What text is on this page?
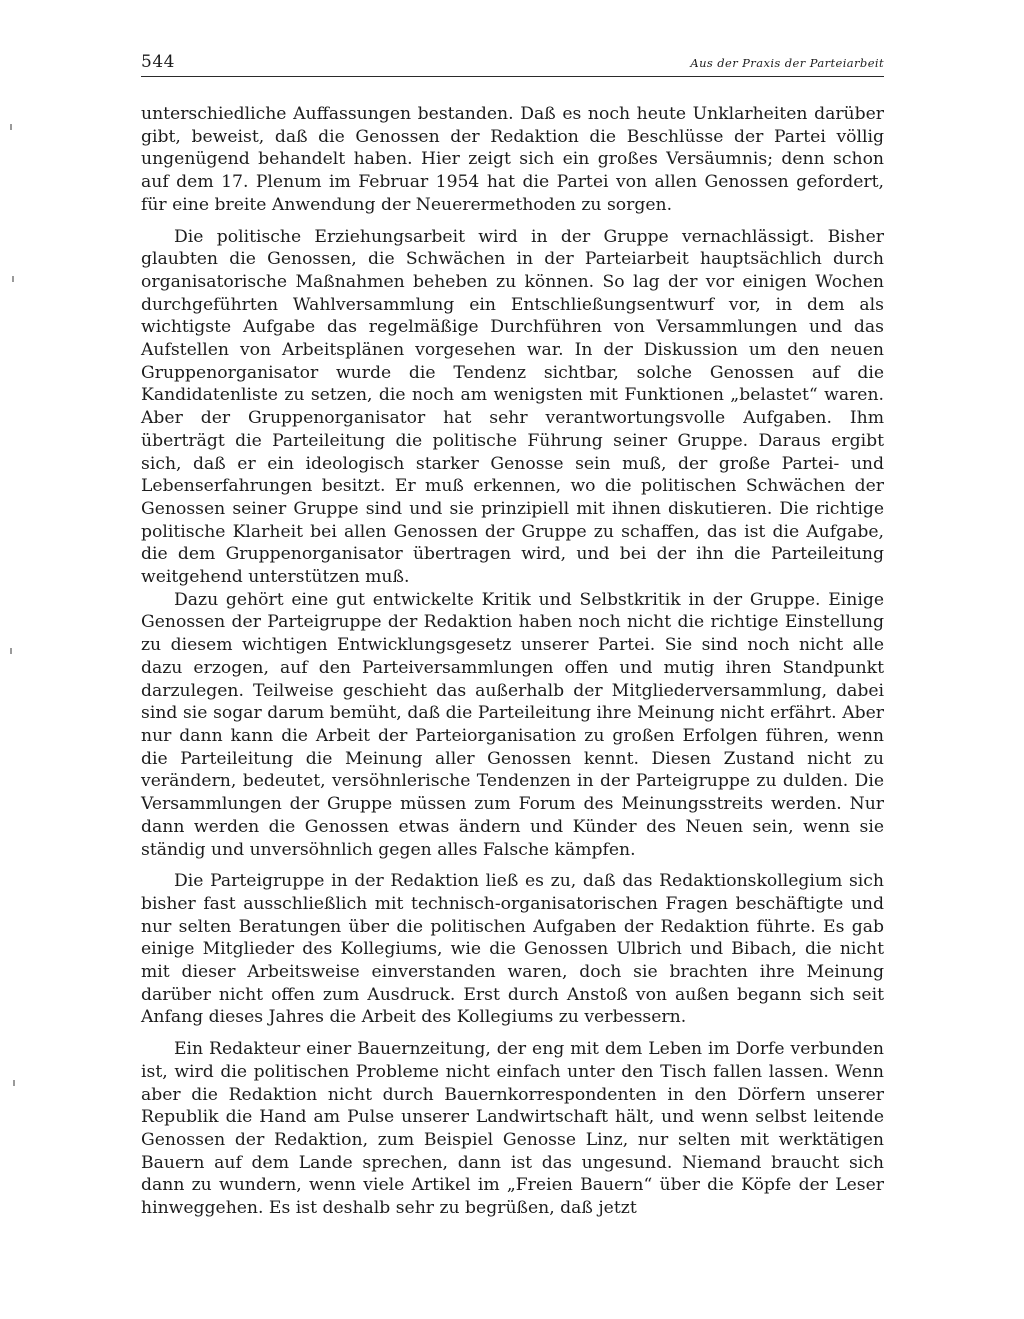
544	Aus der Praxis der Parteiarbeit

unterschiedliche Auffassungen bestanden. Daß es noch heute Unklarheiten darüber gibt, beweist, daß die Genossen der Redaktion die Beschlüsse der Partei völlig ungenügend behandelt haben. Hier zeigt sich ein großes Versäumnis; denn schon auf dem 17. Plenum im Februar 1954 hat die Partei von allen Genossen gefordert, für eine breite Anwendung der Neuerermethoden zu sorgen.

Die politische Erziehungsarbeit wird in der Gruppe vernachlässigt. Bisher glaubten die Genossen, die Schwächen in der Parteiarbeit hauptsächlich durch organisatorische Maßnahmen beheben zu können. So lag der vor einigen Wochen durchgeführten Wahlversammlung ein Entschließungsentwurf vor, in dem als wichtigste Aufgabe das regelmäßige Durchführen von Versammlungen und das Aufstellen von Arbeitsplänen vorgesehen war. In der Diskussion um den neuen Gruppenorganisator wurde die Tendenz sichtbar, solche Genossen auf die Kandidatenliste zu setzen, die noch am wenigsten mit Funktionen „belastet“ waren. Aber der Gruppenorganisator hat sehr verantwortungsvolle Aufgaben. Ihm überträgt die Parteileitung die politische Führung seiner Gruppe. Daraus ergibt sich, daß er ein ideologisch starker Genosse sein muß, der große Partei- und Lebenserfahrungen besitzt. Er muß erkennen, wo die politischen Schwächen der Genossen seiner Gruppe sind und sie prinzipiell mit ihnen diskutieren. Die richtige politische Klarheit bei allen Genossen der Gruppe zu schaffen, das ist die Aufgabe, die dem Gruppenorganisator übertragen wird, und bei der ihn die Parteileitung weitgehend unterstützen muß.

Dazu gehört eine gut entwickelte Kritik und Selbstkritik in der Gruppe. Einige Genossen der Parteigruppe der Redaktion haben noch nicht die richtige Einstellung zu diesem wichtigen Entwicklungsgesetz unserer Partei. Sie sind noch nicht alle dazu erzogen, auf den Parteiversammlungen offen und mutig ihren Standpunkt darzulegen. Teilweise geschieht das außerhalb der Mitgliederversammlung, dabei sind sie sogar darum bemüht, daß die Parteileitung ihre Meinung nicht erfährt. Aber nur dann kann die Arbeit der Parteiorganisation zu großen Erfolgen führen, wenn die Parteileitung die Meinung aller Genossen kennt. Diesen Zustand nicht zu verändern, bedeutet, versöhnlerische Tendenzen in der Parteigruppe zu dulden. Die Versammlungen der Gruppe müssen zum Forum des Meinungsstreits werden. Nur dann werden die Genossen etwas ändern und Künder des Neuen sein, wenn sie ständig und unversöhnlich gegen alles Falsche kämpfen.

Die Parteigruppe in der Redaktion ließ es zu, daß das Redaktionskollegium sich bisher fast ausschließlich mit technisch-organisatorischen Fragen beschäftigte und nur selten Beratungen über die politischen Aufgaben der Redaktion führte. Es gab einige Mitglieder des Kollegiums, wie die Genossen Ulbrich und Bibach, die nicht mit dieser Arbeitsweise einverstanden waren, doch sie brachten ihre Meinung darüber nicht offen zum Ausdruck. Erst durch Anstoß von außen begann sich seit Anfang dieses Jahres die Arbeit des Kollegiums zu verbessern.

Ein Redakteur einer Bauernzeitung, der eng mit dem Leben im Dorfe verbunden ist, wird die politischen Probleme nicht einfach unter den Tisch fallen lassen. Wenn aber die Redaktion nicht durch Bauernkorrespondenten in den Dörfern unserer Republik die Hand am Pulse unserer Landwirtschaft hält, und wenn selbst leitende Genossen der Redaktion, zum Beispiel Genosse Linz, nur selten mit werktätigen Bauern auf dem Lande sprechen, dann ist das ungesund. Niemand braucht sich dann zu wundern, wenn viele Artikel im „Freien Bauern“ über die Köpfe der Leser hinweggehen. Es ist deshalb sehr zu begrüßen, daß jetzt
